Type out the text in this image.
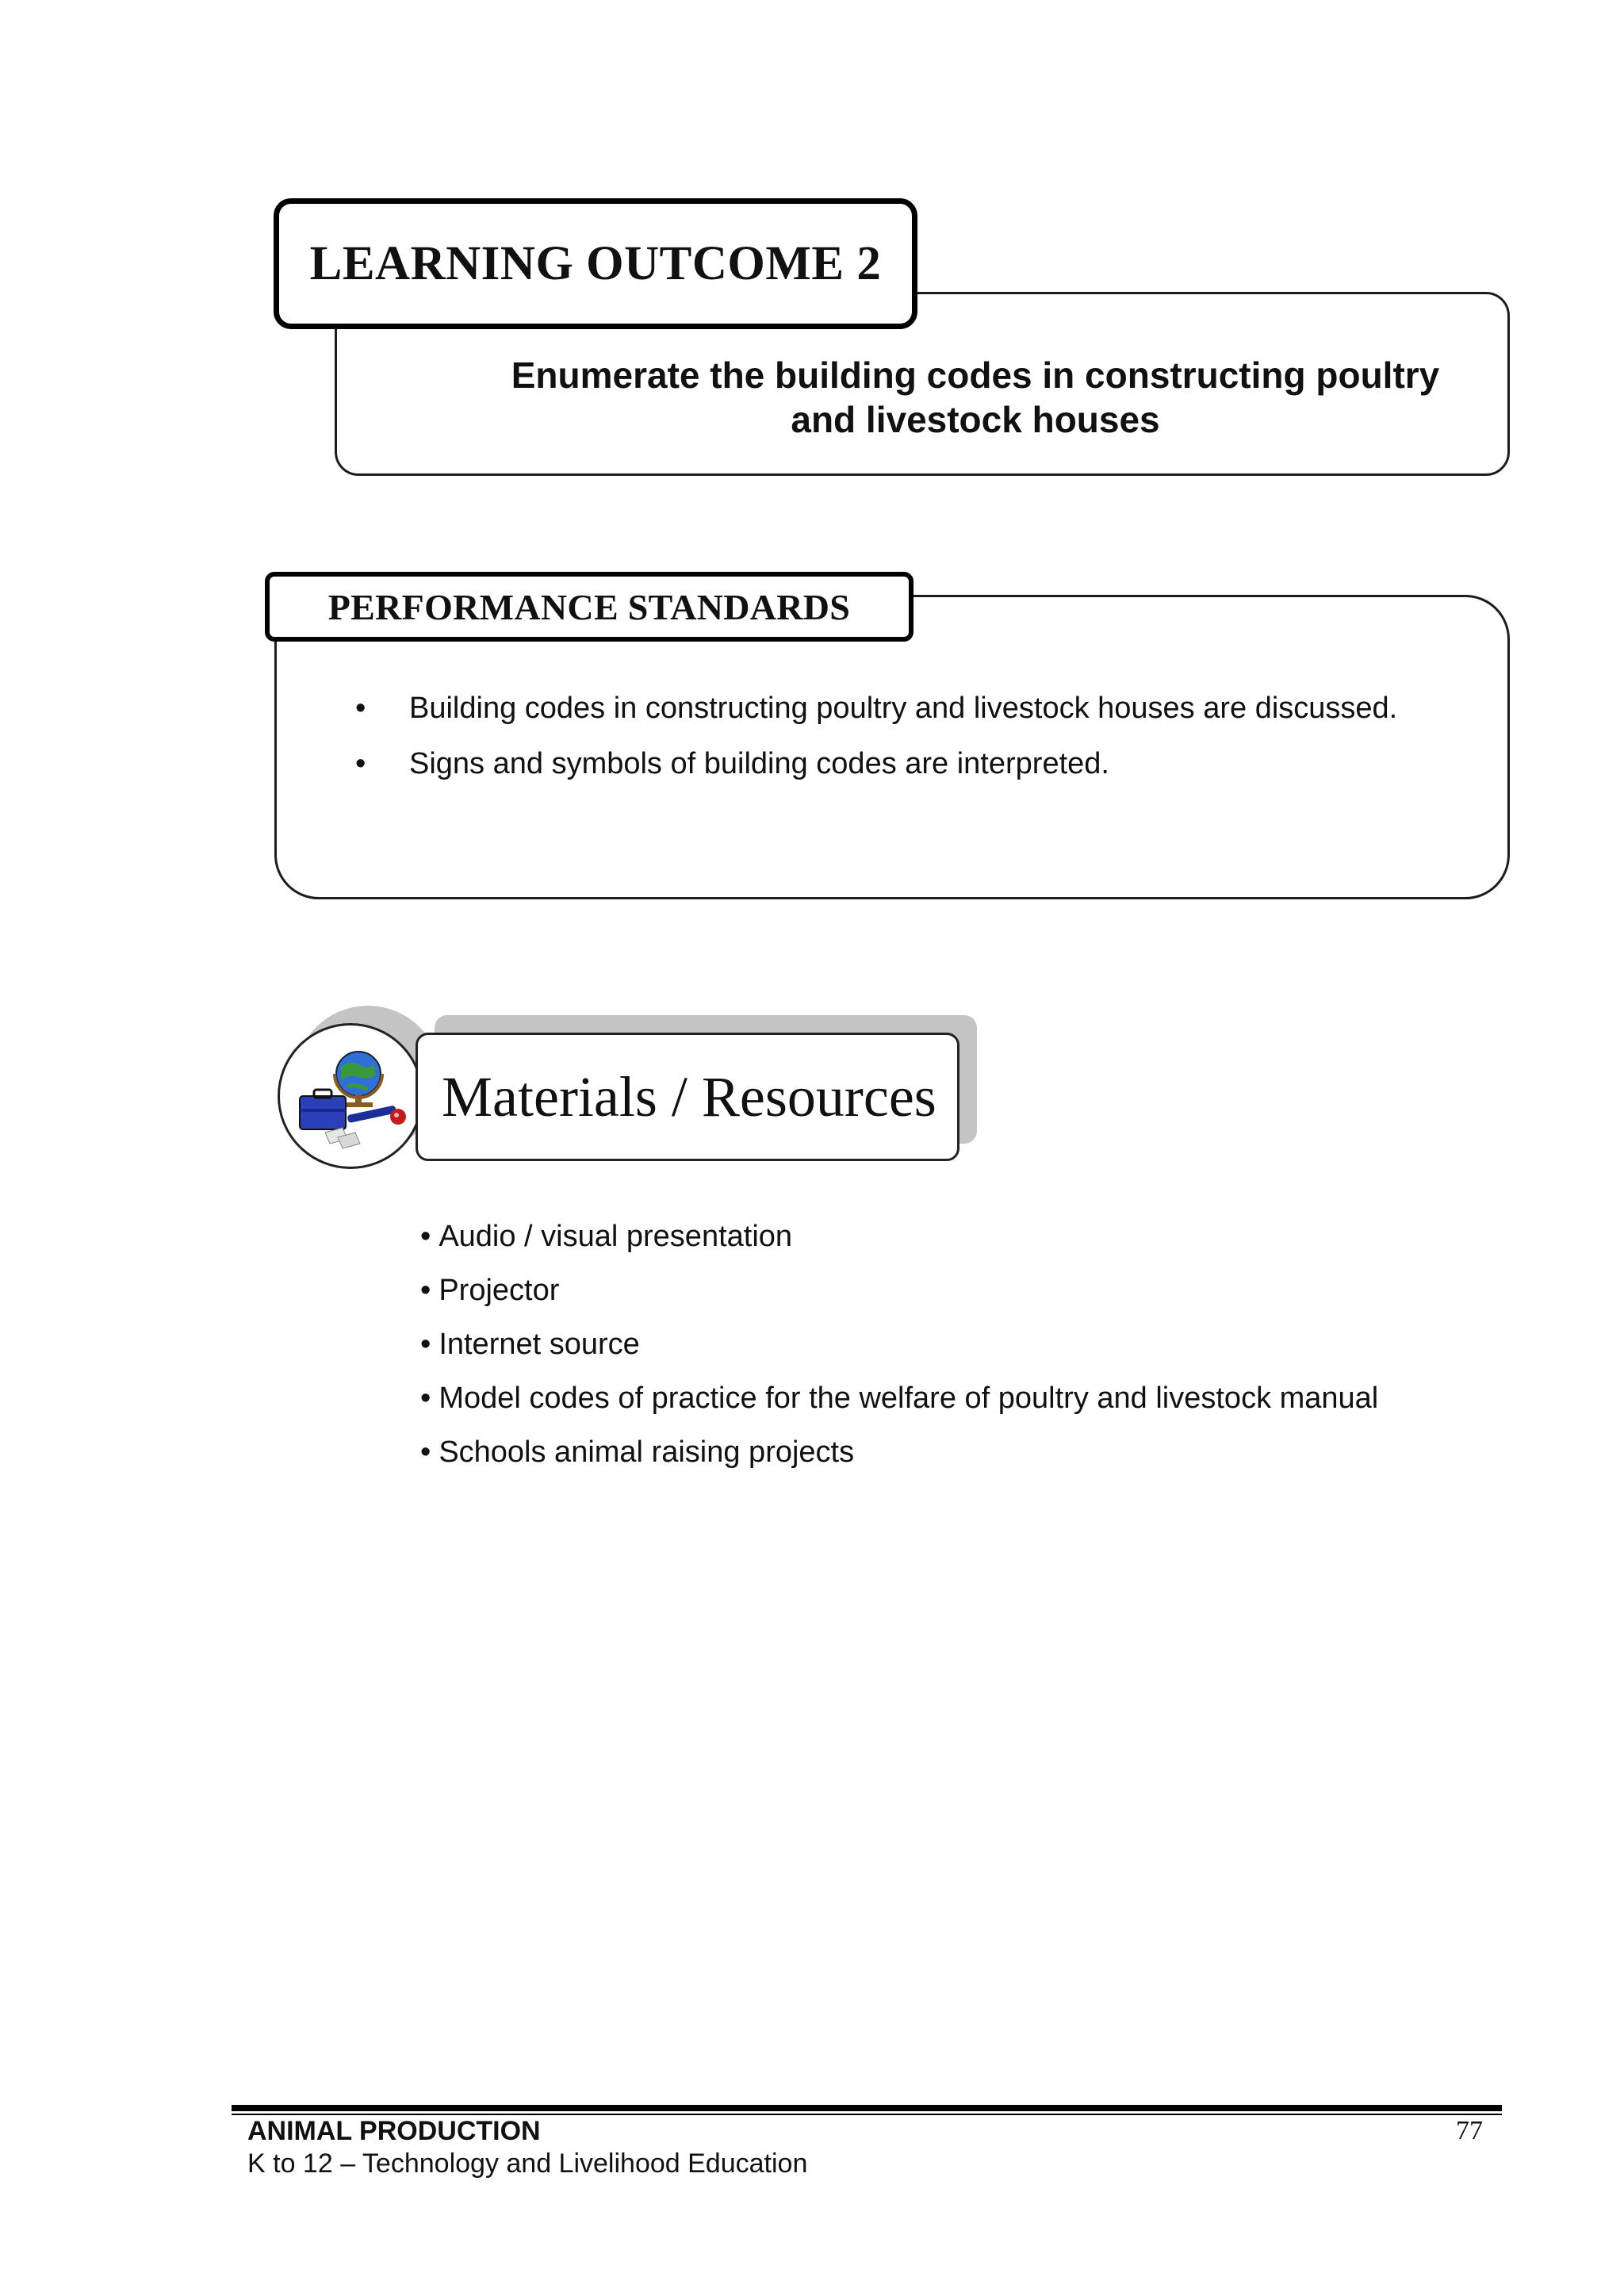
LEARNING OUTCOME 2
Enumerate the building codes in constructing poultry
and livestock houses
PERFORMANCE STANDARDS
• Building codes in constructing poultry and livestock houses are discussed.
• Signs and symbols of building codes are interpreted.
Materials / Resources
• Audio / visual presentation
• Projector
• Internet source
• Model codes of practice for the welfare of poultry and livestock manual
• Schools animal raising projects
ANIMAL PRODUCTION
K to 12 – Technology and Livelihood Education
77
